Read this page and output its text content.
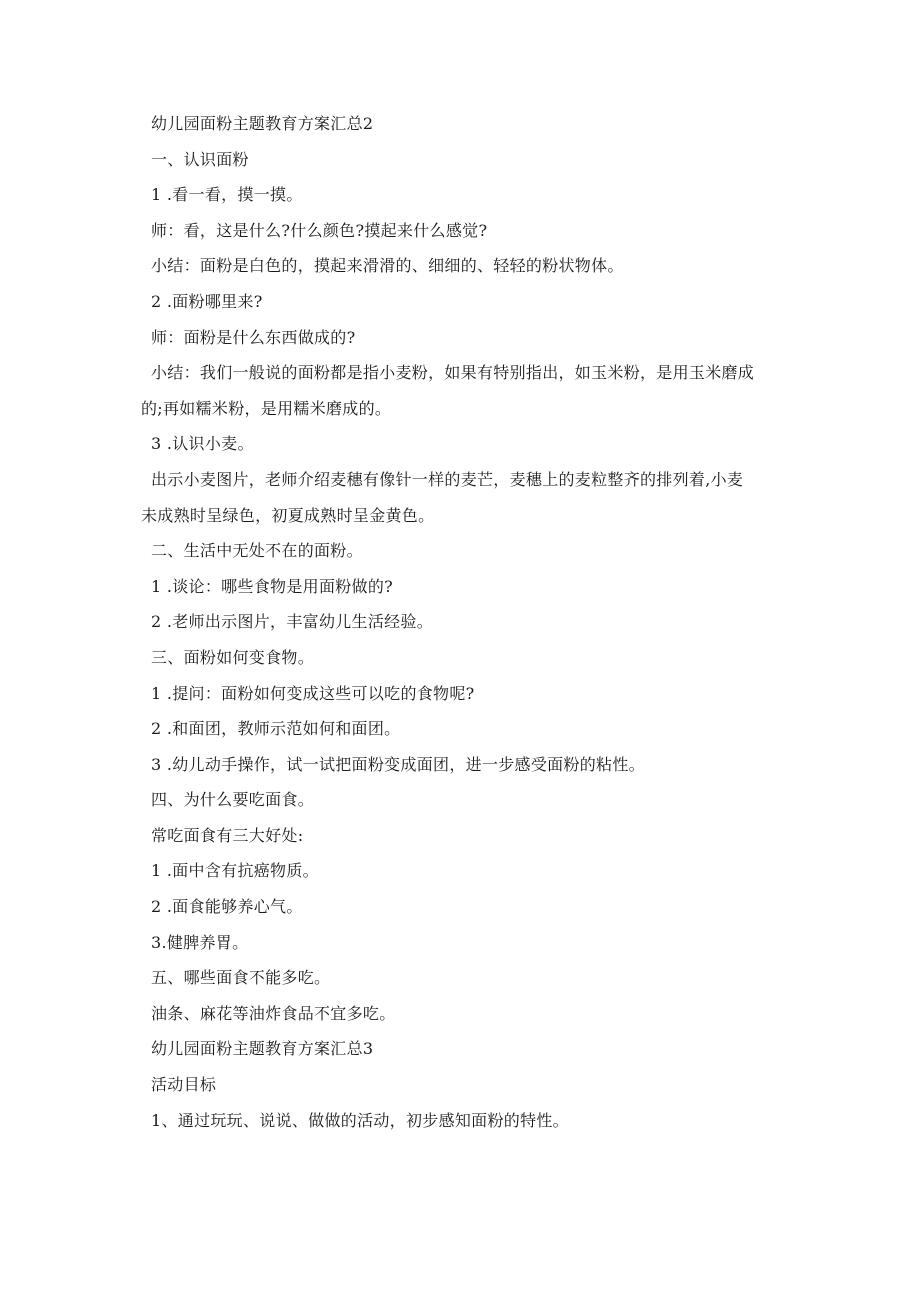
幼儿园面粉主题教育方案汇总2
一、认识面粉
1 .看一看，摸一摸。
师：看，这是什么?什么颜色?摸起来什么感觉?
小结：面粉是白色的，摸起来滑滑的、细细的、轻轻的粉状物体。
2 .面粉哪里来?
师：面粉是什么东西做成的?
小结：我们一般说的面粉都是指小麦粉，如果有特别指出，如玉米粉，是用玉米磨成
的;再如糯米粉，是用糯米磨成的。
3 .认识小麦。
出示小麦图片，老师介绍麦穗有像针一样的麦芒，麦穗上的麦粒整齐的排列着,小麦
未成熟时呈绿色，初夏成熟时呈金黄色。
二、生活中无处不在的面粉。
1 .谈论：哪些食物是用面粉做的?
2 .老师出示图片，丰富幼儿生活经验。
三、面粉如何变食物。
1 .提问：面粉如何变成这些可以吃的食物呢?
2 .和面团，教师示范如何和面团。
3 .幼儿动手操作，试一试把面粉变成面团，进一步感受面粉的粘性。
四、为什么要吃面食。
常吃面食有三大好处:
1 .面中含有抗癌物质。
2 .面食能够养心气。
3.健脾养胃。
五、哪些面食不能多吃。
油条、麻花等油炸食品不宜多吃。
幼儿园面粉主题教育方案汇总3
活动目标
1、通过玩玩、说说、做做的活动，初步感知面粉的特性。
